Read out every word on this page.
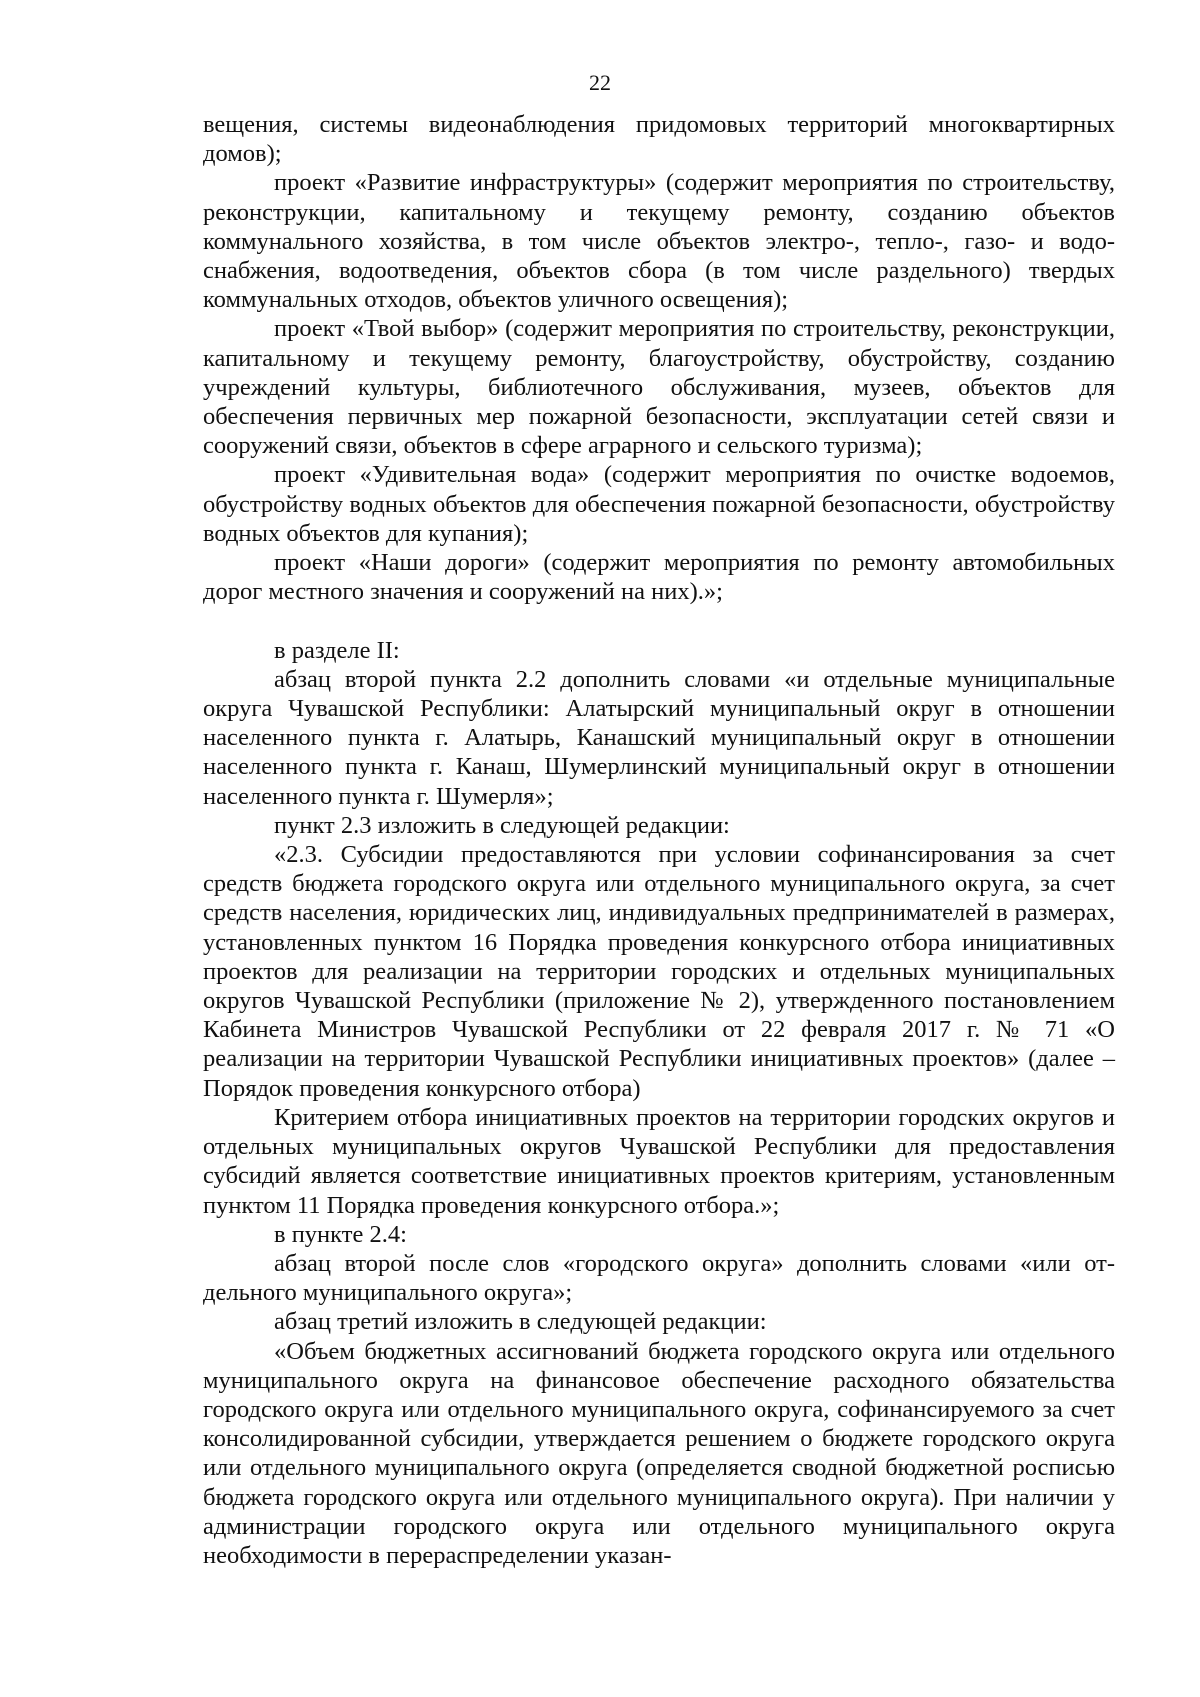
22

вещения, системы видеонаблюдения придомовых территорий многоквартирных домов);

проект «Развитие инфраструктуры» (содержит мероприятия по строительству, реконструкции, капитальному и текущему ремонту, созданию объектов коммунального хозяйства, в том числе объектов электро-, тепло-, газо- и водоснабжения, водоотведения, объектов сбора (в том числе раздельного) твердых коммунальных отходов, объектов уличного освещения);

проект «Твой выбор» (содержит мероприятия по строительству, реконструкции, капитальному и текущему ремонту, благоустройству, обустройству, созданию учреждений культуры, библиотечного обслуживания, музеев, объектов для обеспечения первичных мер пожарной безопасности, эксплуатации сетей связи и сооружений связи, объектов в сфере аграрного и сельского туризма);

проект «Удивительная вода» (содержит мероприятия по очистке водоемов, обустройству водных объектов для обеспечения пожарной безопасности, обустройству водных объектов для купания);

проект «Наши дороги» (содержит мероприятия по ремонту автомобильных дорог местного значения и сооружений на них).»;

в разделе II:

абзац второй пункта 2.2 дополнить словами «и отдельные муниципальные округа Чувашской Республики: Алатырский муниципальный округ в отношении населенного пункта г. Алатырь, Канашский муниципальный округ в отношении населенного пункта г. Канаш, Шумерлинский муниципальный округ в отношении населенного пункта г. Шумерля»;

пункт 2.3 изложить в следующей редакции:

«2.3. Субсидии предоставляются при условии софинансирования за счет средств бюджета городского округа или отдельного муниципального округа, за счет средств населения, юридических лиц, индивидуальных предпринимателей в размерах, установленных пунктом 16 Порядка проведения конкурсного отбора инициативных проектов для реализации на территории городских и отдельных муниципальных округов Чувашской Республики (приложение № 2), утвержденного постановлением Кабинета Министров Чувашской Республики от 22 февраля 2017 г. № 71 «О реализации на территории Чувашской Республики инициативных проектов» (далее – Порядок проведения конкурсного отбора)

Критерием отбора инициативных проектов на территории городских округов и отдельных муниципальных округов Чувашской Республики для предоставления субсидий является соответствие инициативных проектов критериям, установленным пунктом 11 Порядка проведения конкурсного отбора.»;

в пункте 2.4:

абзац второй после слов «городского округа» дополнить словами «или отдельного муниципального округа»;

абзац третий изложить в следующей редакции:

«Объем бюджетных ассигнований бюджета городского округа или отдельного муниципального округа на финансовое обеспечение расходного обязательства городского округа или отдельного муниципального округа, софинансируемого за счет консолидированной субсидии, утверждается решением о бюджете городского округа или отдельного муниципального округа (определяется сводной бюджетной росписью бюджета городского округа или отдельного муниципального округа). При наличии у администрации городского округа или отдельного муниципального округа необходимости в перераспределении указан-
